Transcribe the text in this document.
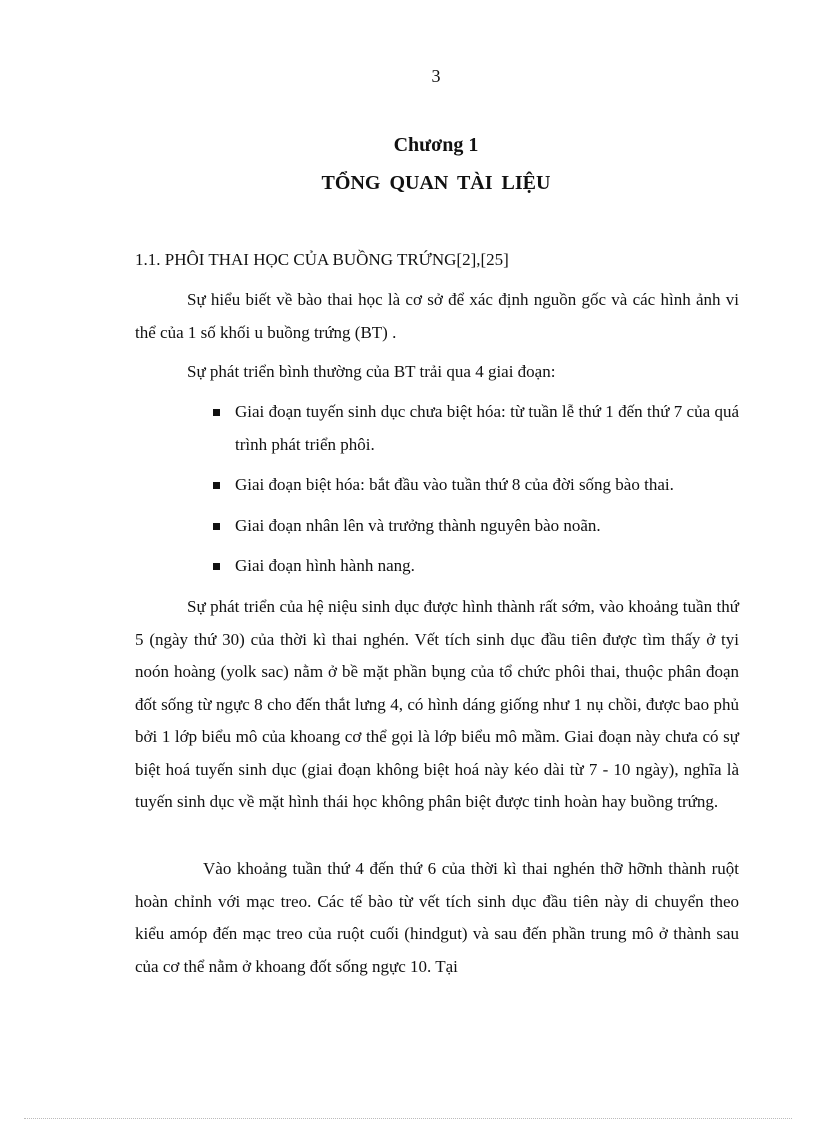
3
Chương 1
TỔNG QUAN TÀI LIỆU
1.1. PHÔI THAI HỌC CỦA BUỒNG TRỨNG[2],[25]

Sự hiểu biết về bào thai học là cơ sở để xác định nguồn gốc và các hình ảnh vi thể của 1 số khối u buồng trứng (BT) .

Sự phát triển bình thường của BT trải qua 4 giai đoạn:

Giai đoạn tuyến sinh dục chưa biệt hóa: từ tuần lễ thứ 1 đến thứ 7 của quá trình phát triển phôi.
Giai đoạn biệt hóa: bắt đầu vào tuần thứ 8 của đời sống bào thai.
Giai đoạn nhân lên và trưởng thành nguyên bào noãn.
Giai đoạn hình hành nang.

Sự phát triển của hệ niệu sinh dục được hình thành rất sớm, vào khoảng tuần thứ 5 (ngày thứ 30) của thời kì thai nghén. Vết tích sinh dục đầu tiên được tìm thấy ở tyi noón hoàng (yolk sac) nằm ở bề mặt phần bụng của tổ chức phôi thai, thuộc phân đoạn đốt sống từ ngực 8 cho đến thắt lưng 4, có hình dáng giống như 1 nụ chồi, được bao phủ bởi 1 lớp biểu mô của khoang cơ thể gọi là lớp biểu mô mầm. Giai đoạn này chưa có sự biệt hoá tuyến sinh dục (giai đoạn không biệt hoá này kéo dài từ 7 - 10 ngày), nghĩa là tuyến sinh dục về mặt hình thái học không phân biệt được tinh hoàn hay buồng trứng.

Vào khoảng tuần thứ 4 đến thứ 6 của thời kì thai nghén thỡ hỡnh thành ruột hoàn chỉnh với mạc treo. Các tế bào từ vết tích sinh dục đầu tiên này di chuyển theo kiểu amóp đến mạc treo của ruột cuối (hindgut) và sau đến phần trung mô ở thành sau của cơ thể nằm ở khoang đốt sống ngực 10. Tại
